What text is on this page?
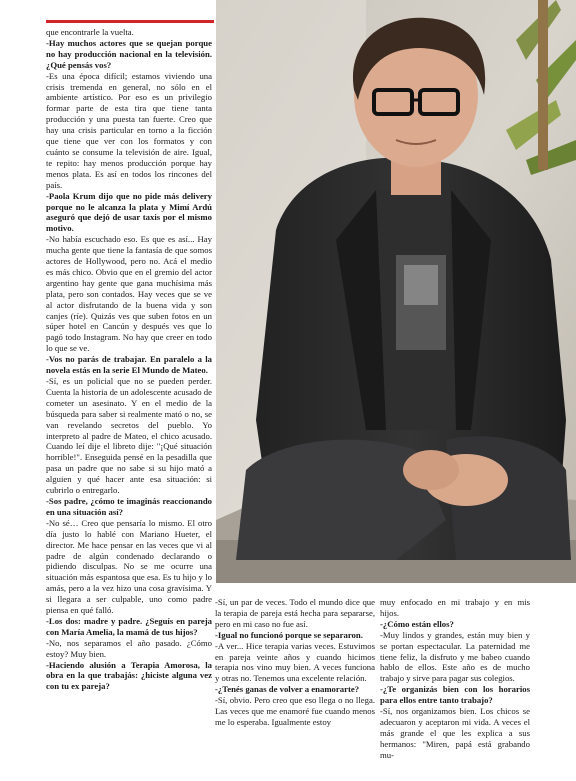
que encontrarle la vuelta.

-Hay muchos actores que se quejan porque no hay producción nacional en la televisión. ¿Qué pensás vos?

-Es una época difícil; estamos viviendo una crisis tremenda en general, no sólo en el ambiente artístico. Por eso es un privilegio formar parte de esta tira que tiene tanta producción y una puesta tan fuerte. Creo que hay una crisis particular en torno a la ficción que tiene que ver con los formatos y con cuánto se consume la televisión de aire. Igual, te repito: hay menos producción porque hay menos plata. Es así en todos los rincones del país.

-Paola Krum dijo que no pide más delivery porque no le alcanza la plata y Mimí Ardú aseguró que dejó de usar taxis por el mismo motivo.

-No había escuchado eso. Es que es así... Hay mucha gente que tiene la fantasía de que somos actores de Hollywood, pero no. Acá el medio es más chico. Obvio que en el gremio del actor argentino hay gente que gana muchísima más plata, pero son contados. Hay veces que se ve al actor disfrutando de la buena vida y son canjes (ríe). Quizás ves que suben fotos en un súper hotel en Cancún y después ves que lo pagó todo Instagram. No hay que creer en todo lo que se ve.

-Vos no parás de trabajar. En paralelo a la novela estás en la serie El Mundo de Mateo.

-Sí, es un policial que no se pueden perder. Cuenta la historia de un adolescente acusado de cometer un asesinato. Y en el medio de la búsqueda para saber si realmente mató o no, se van revelando secretos del pueblo. Yo interpreto al padre de Mateo, el chico acusado. Cuando leí dije el libreto dije: "¡Qué situación horrible!". Enseguida pensé en la pesadilla que pasa un padre que no sabe si su hijo mató a alguien y qué hacer ante esa situación: si cubrirlo o entregarlo.

-Sos padre, ¿cómo te imaginás reaccionando en una situación así?

-No sé… Creo que pensaría lo mismo. El otro día justo lo hablé con Mariano Hueter, el director. Me hace pensar en las veces que vi al padre de algún condenado declarando o pidiendo disculpas. No se me ocurre una situación más espantosa que esa. Es tu hijo y lo amás, pero a la vez hizo una cosa gravísima. Y si llegara a ser culpable, uno como padre piensa en qué falló.

-Los dos: madre y padre. ¿Seguís en pareja con María Amelia, la mamá de tus hijos?

-No, nos separamos el año pasado. ¿Cómo estoy? Muy bien.

-Haciendo alusión a Terapia Amorosa, la obra en la que trabajás: ¿hiciste alguna vez con tu ex pareja?

-Sí, un par de veces. Todo el mundo dice que la terapia de pareja está hecha para separarse, pero en mi caso no fue así.

-Igual no funcionó porque se separaron.

-A ver... Hice terapia varias veces. Estuvimos en pareja veinte años y cuando hicimos terapia nos vino muy bien. A veces funciona y otras no. Tenemos una excelente relación.

-¿Tenés ganas de volver a enamorarte?

-Sí, obvio. Pero creo que eso llega o no llega. Las veces que me enamoré fue cuando menos me lo esperaba. Igualmente estoy

muy enfocado en mi trabajo y en mis hijos.

-¿Cómo están ellos?

-Muy lindos y grandes, están muy bien y se portan espectacular. La paternidad me tiene feliz, la disfruto y me babeo cuando hablo de ellos. Este año es de mucho trabajo y sirve para pagar sus colegios.

-¿Te organizás bien con los horarios para ellos entre tanto trabajo?

-Sí, nos organizamos bien. Los chicos se adecuaron y aceptaron mi vida. A veces el más grande el que les explica a sus hermanos: "Miren, papá está grabando mu-
